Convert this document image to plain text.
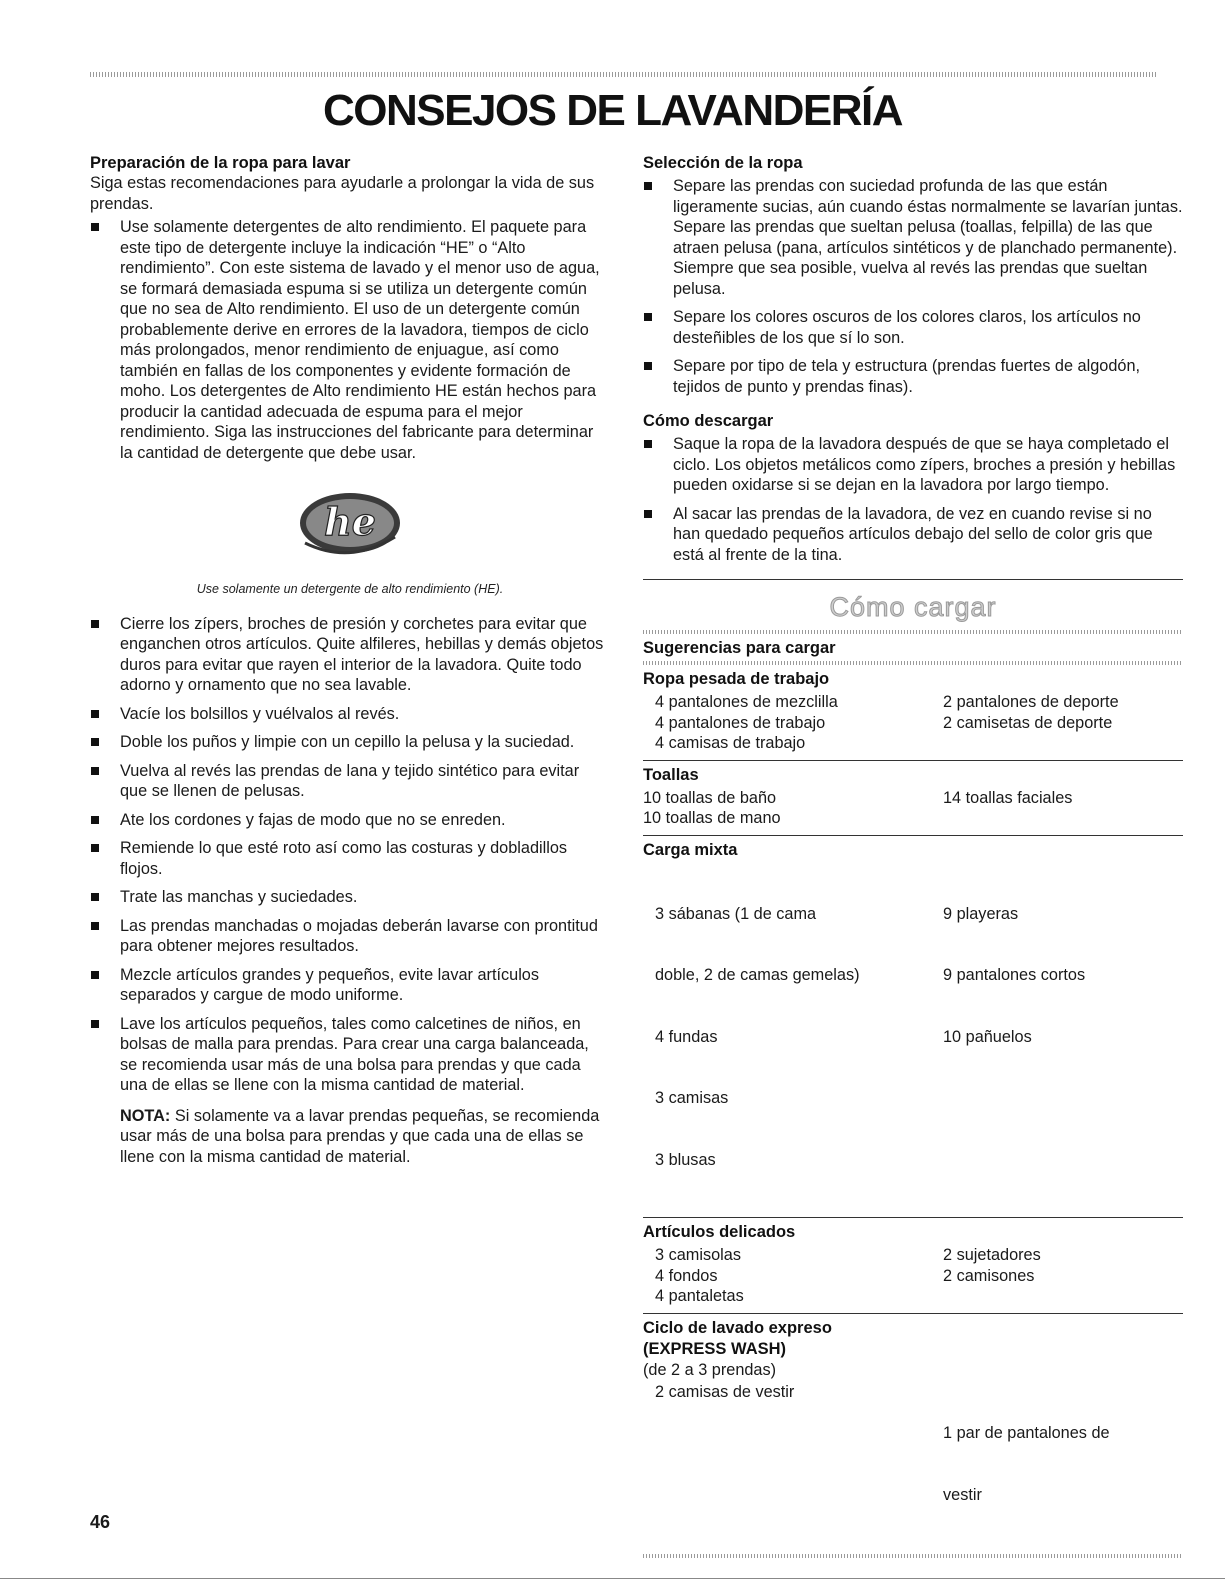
CONSEJOS DE LAVANDERÍA
Preparación de la ropa para lavar

Siga estas recomendaciones para ayudarle a prolongar la vida de sus prendas.

Use solamente detergentes de alto rendimiento. El paquete para este tipo de detergente incluye la indicación “HE” o “Alto rendimiento”. Con este sistema de lavado y el menor uso de agua, se formará demasiada espuma si se utiliza un detergente común que no sea de Alto rendimiento. El uso de un detergente común probablemente derive en errores de la lavadora, tiempos de ciclo más prolongados, menor rendimiento de enjuague, así como también en fallas de los componentes y evidente formación de moho. Los detergentes de Alto rendimiento HE están hechos para producir la cantidad adecuada de espuma para el mejor rendimiento. Siga las instrucciones del fabricante para determinar la cantidad de detergente que debe usar.
he

Use solamente un detergente de alto rendimiento (HE).

Cierre los zípers, broches de presión y corchetes para evitar que enganchen otros artículos. Quite alfileres, hebillas y demás objetos duros para evitar que rayen el interior de la lavadora. Quite todo adorno y ornamento que no sea lavable.
Vacíe los bolsillos y vuélvalos al revés.
Doble los puños y limpie con un cepillo la pelusa y la suciedad.
Vuelva al revés las prendas de lana y tejido sintético para evitar que se llenen de pelusas.
Ate los cordones y fajas de modo que no se enreden.
Remiende lo que esté roto así como las costuras y dobladillos flojos.
Trate las manchas y suciedades.
Las prendas manchadas o mojadas deberán lavarse con prontitud para obtener mejores resultados.
Mezcle artículos grandes y pequeños, evite lavar artículos separados y cargue de modo uniforme.
Lave los artículos pequeños, tales como calcetines de niños, en bolsas de malla para prendas. Para crear una carga balanceada, se recomienda usar más de una bolsa para prendas y que cada una de ellas se llene con la misma cantidad de material.

NOTA: Si solamente va a lavar prendas pequeñas, se recomienda usar más de una bolsa para prendas y que cada una de ellas se llene con la misma cantidad de material.

Selección de la ropa
Separe las prendas con suciedad profunda de las que están ligeramente sucias, aún cuando éstas normalmente se lavarían juntas. Separe las prendas que sueltan pelusa (toallas, felpilla) de las que atraen pelusa (pana, artículos sintéticos y de planchado permanente). Siempre que sea posible, vuelva al revés las prendas que sueltan pelusa.
Separe los colores oscuros de los colores claros, los artículos no desteñibles de los que sí lo son.
Separe por tipo de tela y estructura (prendas fuertes de algodón, tejidos de punto y prendas finas).
Cómo descargar
Saque la ropa de la lavadora después de que se haya completado el ciclo. Los objetos metálicos como zípers, broches a presión y hebillas pueden oxidarse si se dejan en la lavadora por largo tiempo.
Al sacar las prendas de la lavadora, de vez en cuando revise si no han quedado pequeños artículos debajo del sello de color gris que está al frente de la tina.
Cómo cargar
Sugerencias para cargar
Ropa pesada de trabajo
4 pantalones de mezclilla
4 pantalones de trabajo
4 camisas de trabajo
2 pantalones de deporte
2 camisetas de deporte
Toallas
10 toallas de baño
10 toallas de mano
14 toallas faciales
Carga mixta

3 sábanas (1 de cama

doble, 2 de camas gemelas)

4 fundas

3 camisas

3 blusas

9 playeras

9 pantalones cortos

10 pañuelos

Artículos delicados
3 camisolas
4 fondos
4 pantaletas
2 sujetadores
2 camisones
Ciclo de lavado expreso
(EXPRESS WASH)
(de 2 a 3 prendas)
2 camisas de vestir

1 par de pantalones de

vestir

46
